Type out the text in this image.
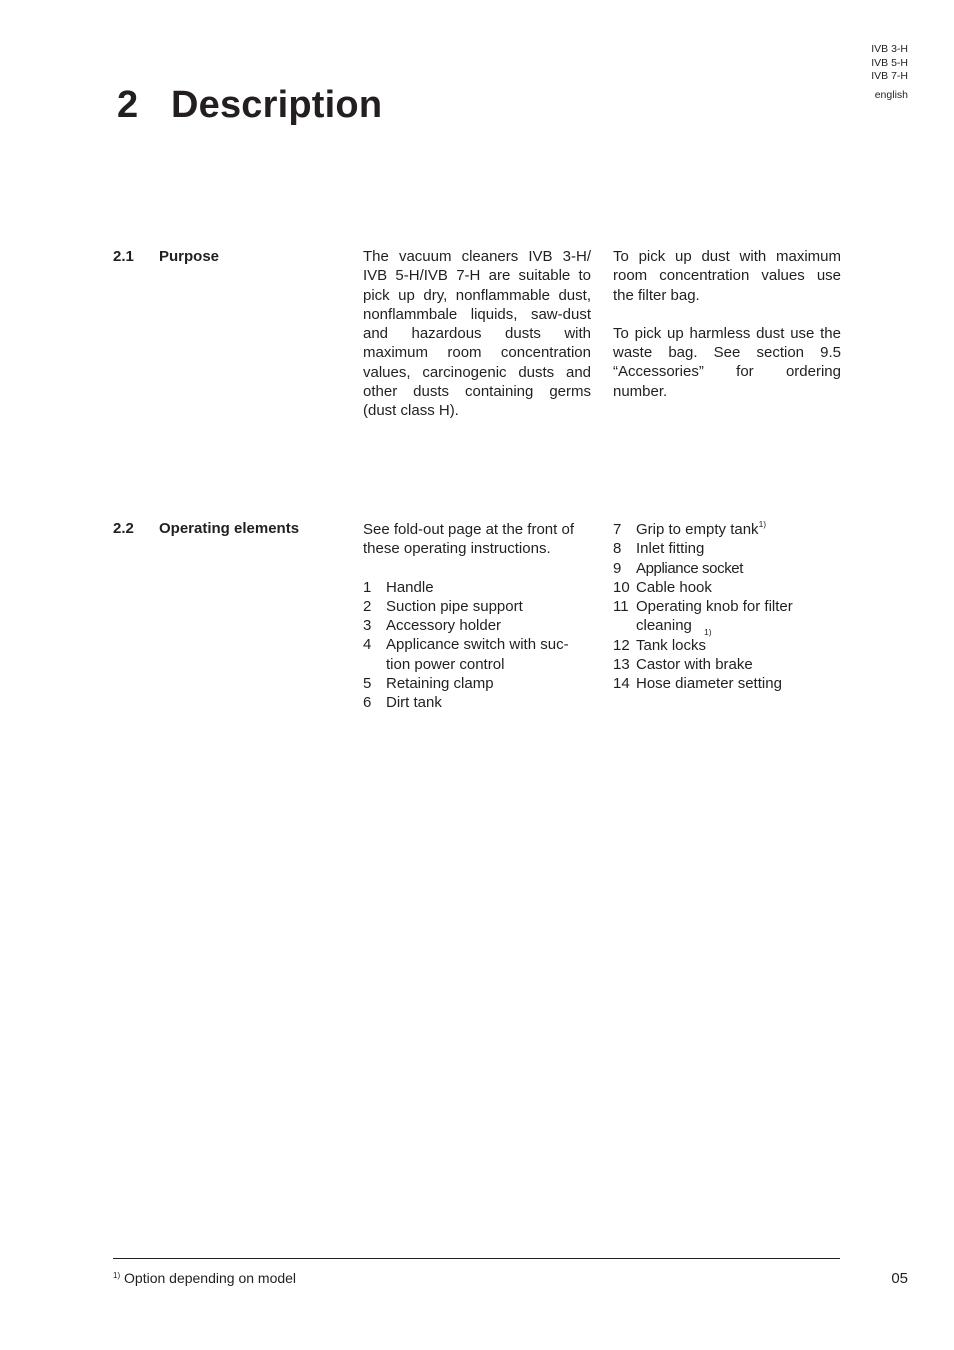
IVB 3-H
IVB 5-H
IVB 7-H
english
2 Description
2.1 Purpose	The vacuum cleaners IVB 3-H/ IVB 5-H/IVB 7-H are suitable to pick up dry, nonflammable dust, nonflammbale liquids, saw-dust and hazardous dusts with maximum room concentration values, carcinogenic dusts and other dusts containing germs (dust class H).

To pick up dust with maximum room concentration values use the filter bag.

To pick up harmless dust use the waste bag. See section 9.5 “Accessories” for ordering number.

2.2 Operating elements	See fold-out page at the front of these operating instructions.

1 Handle
2 Suction pipe support
3 Accessory holder
4 Applicance switch with suc-tion power control
5 Retaining clamp
6 Dirt tank
7 Grip to empty tank$^{1)}$
8 Inlet fitting
9 Appliance socket
10 Cable hook
11 Operating knob for filter cleaning $^{1)}$
12 Tank locks
13 Castor with brake
14 Hose diameter setting
$^{1)}$ Option depending on model	05
